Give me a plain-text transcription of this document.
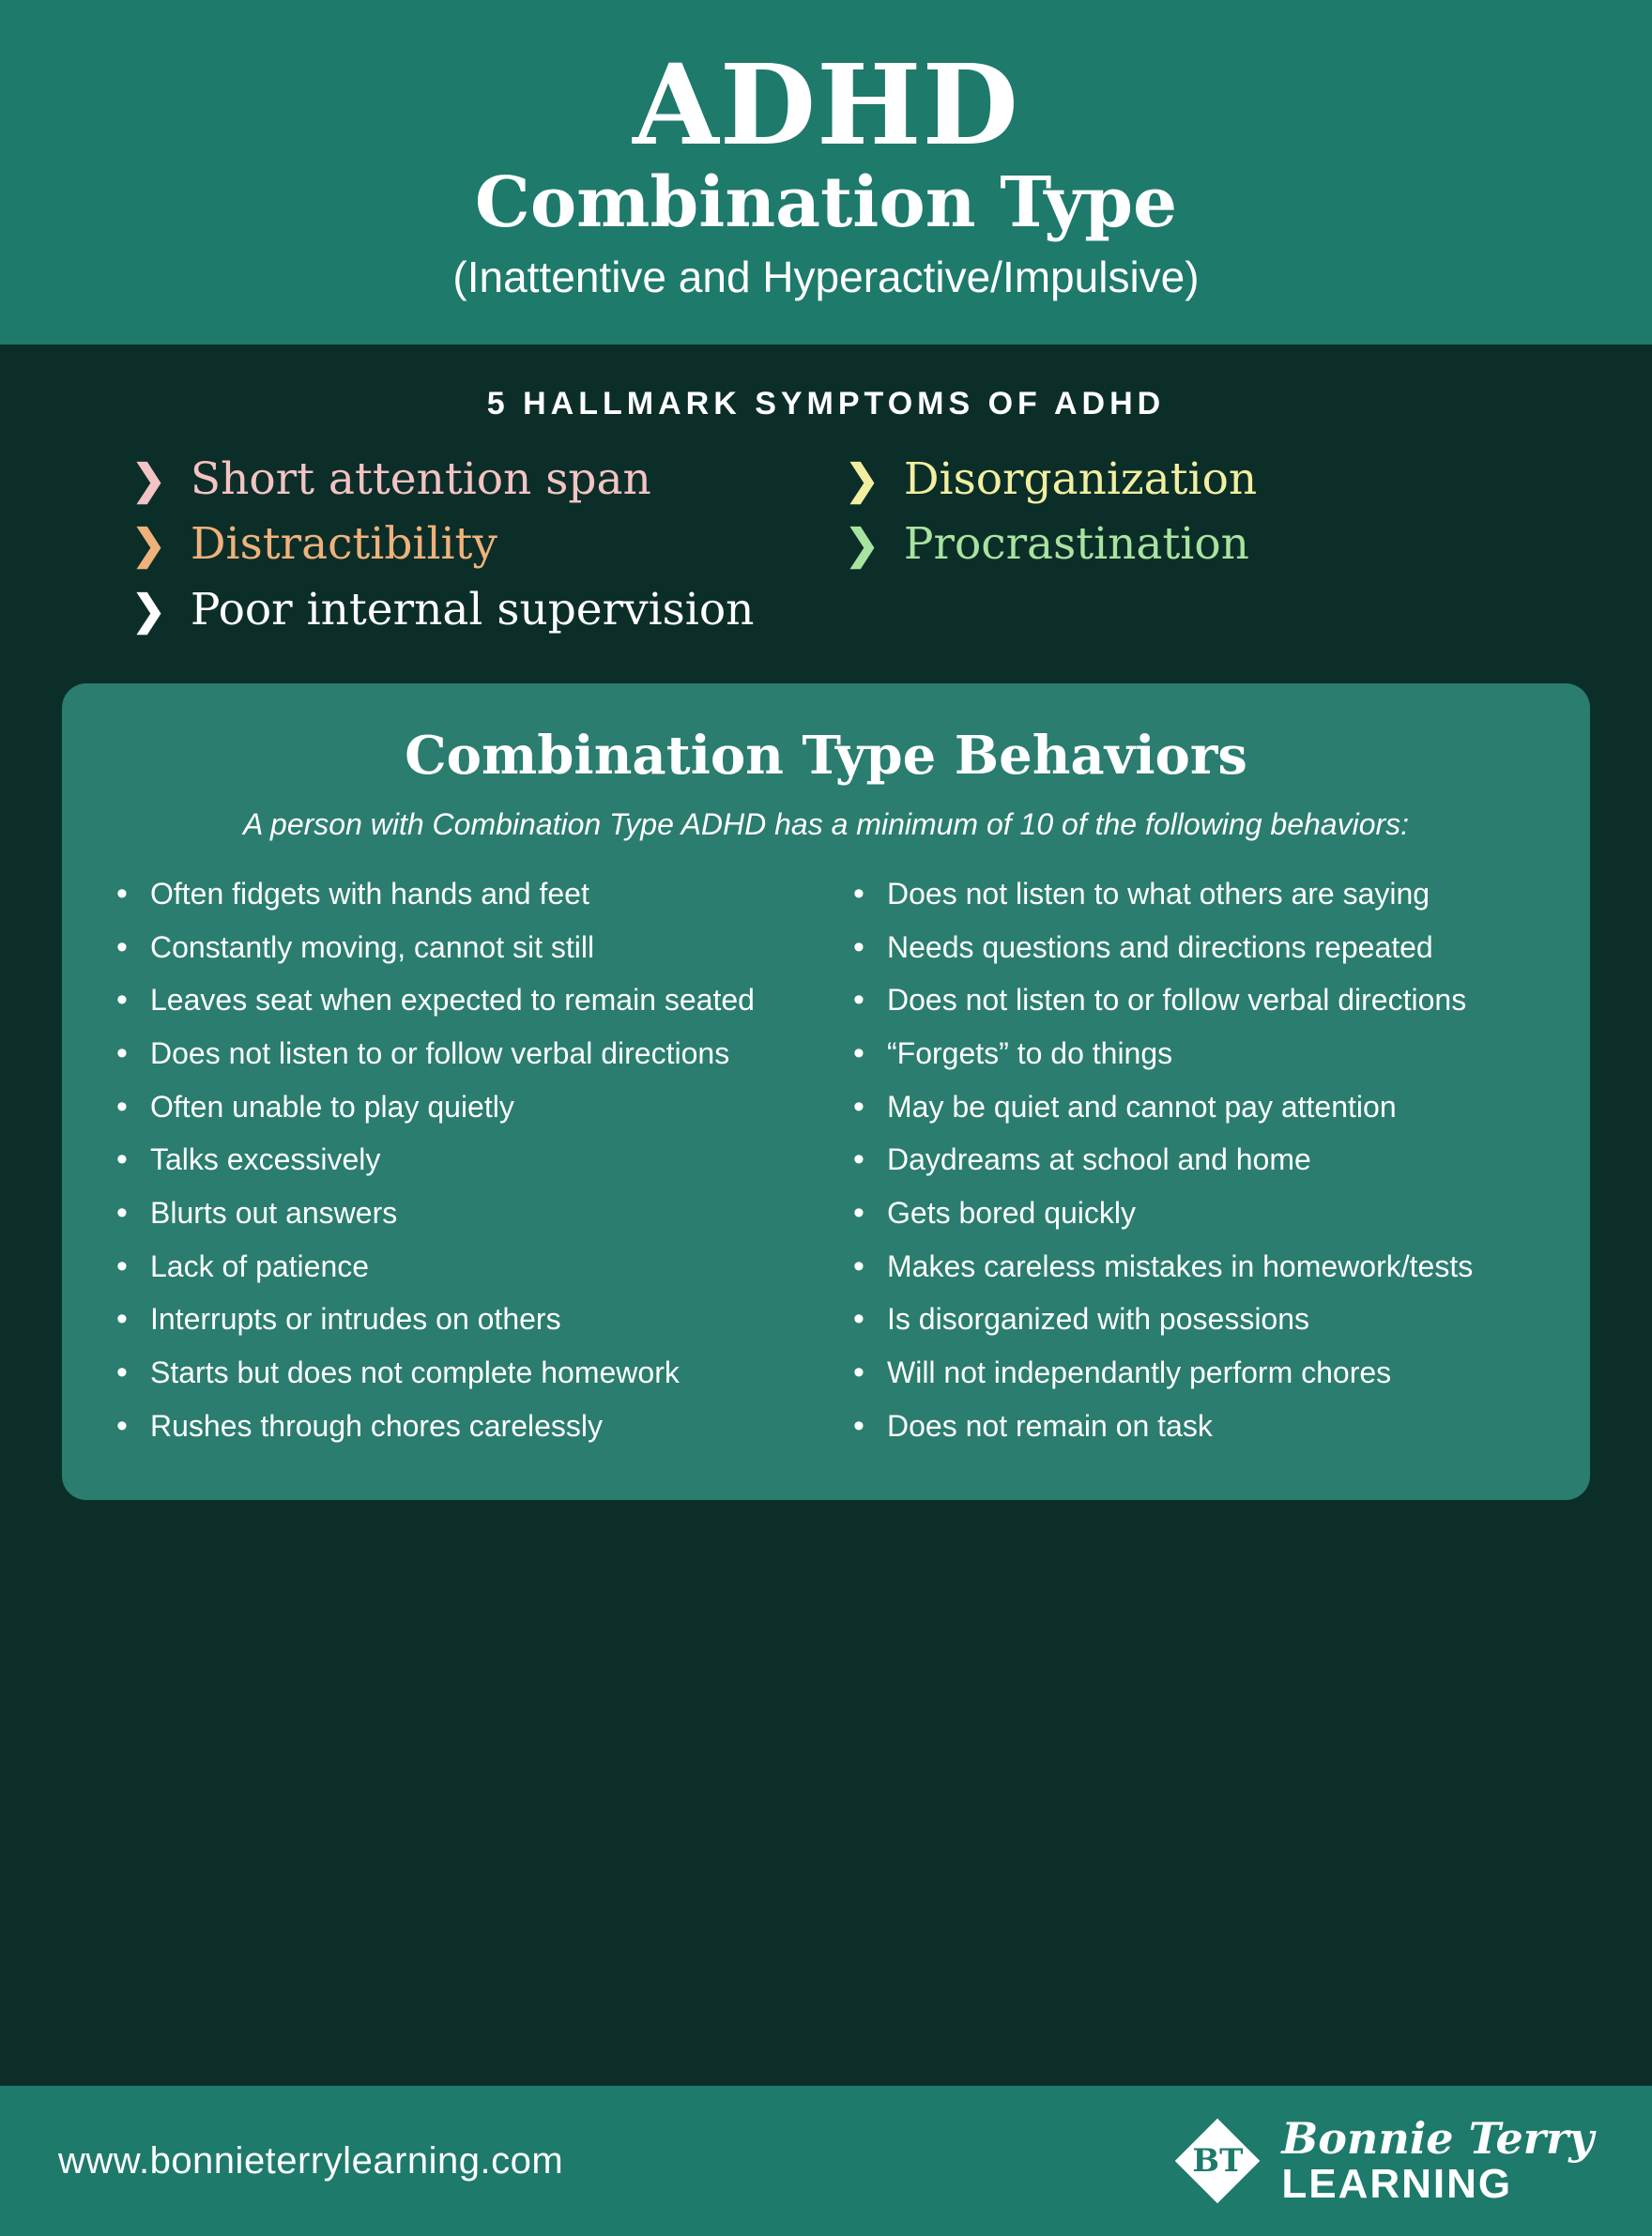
ADHD
Combination Type
(Inattentive and Hyperactive/Impulsive)
5 HALLMARK SYMPTOMS OF ADHD
❯ Short attention span	❯ Disorganization
❯ Distractibility	❯ Procrastination
❯ Poor internal supervision
Combination Type Behaviors
A person with Combination Type ADHD has a minimum of 10 of the following behaviors:
• Often fidgets with hands and feet
• Constantly moving, cannot sit still
• Leaves seat when expected to remain seated
• Does not listen to or follow verbal directions
• Often unable to play quietly
• Talks excessively
• Blurts out answers
• Lack of patience
• Interrupts or intrudes on others
• Starts but does not complete homework
• Rushes through chores carelessly
• Does not listen to what others are saying
• Needs questions and directions repeated
• Does not listen to or follow verbal directions
• “Forgets” to do things
• May be quiet and cannot pay attention
• Daydreams at school and home
• Gets bored quickly
• Makes careless mistakes in homework/tests
• Is disorganized with posessions
• Will not independantly perform chores
• Does not remain on task
www.bonnieterrylearning.com	BT Bonnie Terry
LEARNING
